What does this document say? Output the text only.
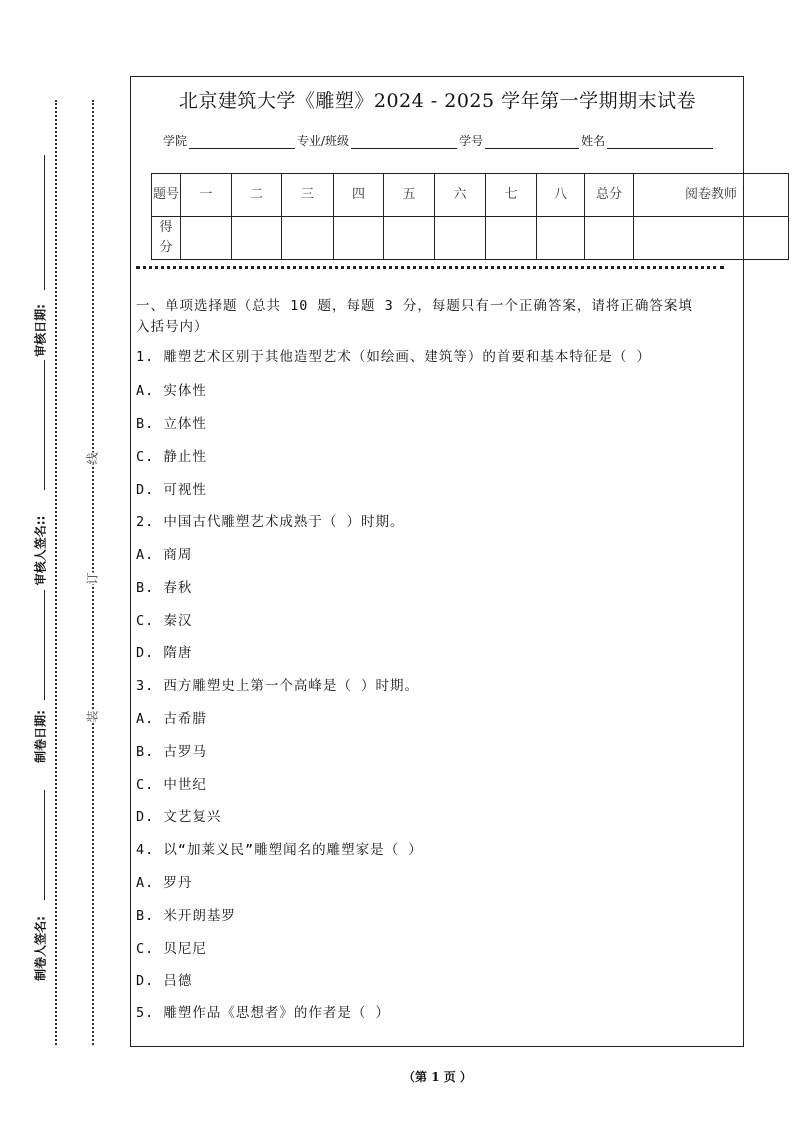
审核日期:
审核人签名::
制卷日期:
制卷人签名:
线
订
装
北京建筑大学《雕塑》2024 - 2025 学年第一学期期末试卷
学院	专业/班级	学号	姓名
题号	一	二	三	四	五	六	七	八	总分	阅卷教师
得分										
一、单项选择题（总共 10 题，每题 3 分，每题只有一个正确答案，请将正确答案填
入括号内）
1. 雕塑艺术区别于其他造型艺术（如绘画、建筑等）的首要和基本特征是（ ）
A. 实体性
B. 立体性
C. 静止性
D. 可视性
2. 中国古代雕塑艺术成熟于（ ）时期。
A. 商周
B. 春秋
C. 秦汉
D. 隋唐
3. 西方雕塑史上第一个高峰是（ ）时期。
A. 古希腊
B. 古罗马
C. 中世纪
D. 文艺复兴
4. 以“加莱义民”雕塑闻名的雕塑家是（ ）
A. 罗丹
B. 米开朗基罗
C. 贝尼尼
D. 吕德
5. 雕塑作品《思想者》的作者是（ ）
（第 1 页 ）
